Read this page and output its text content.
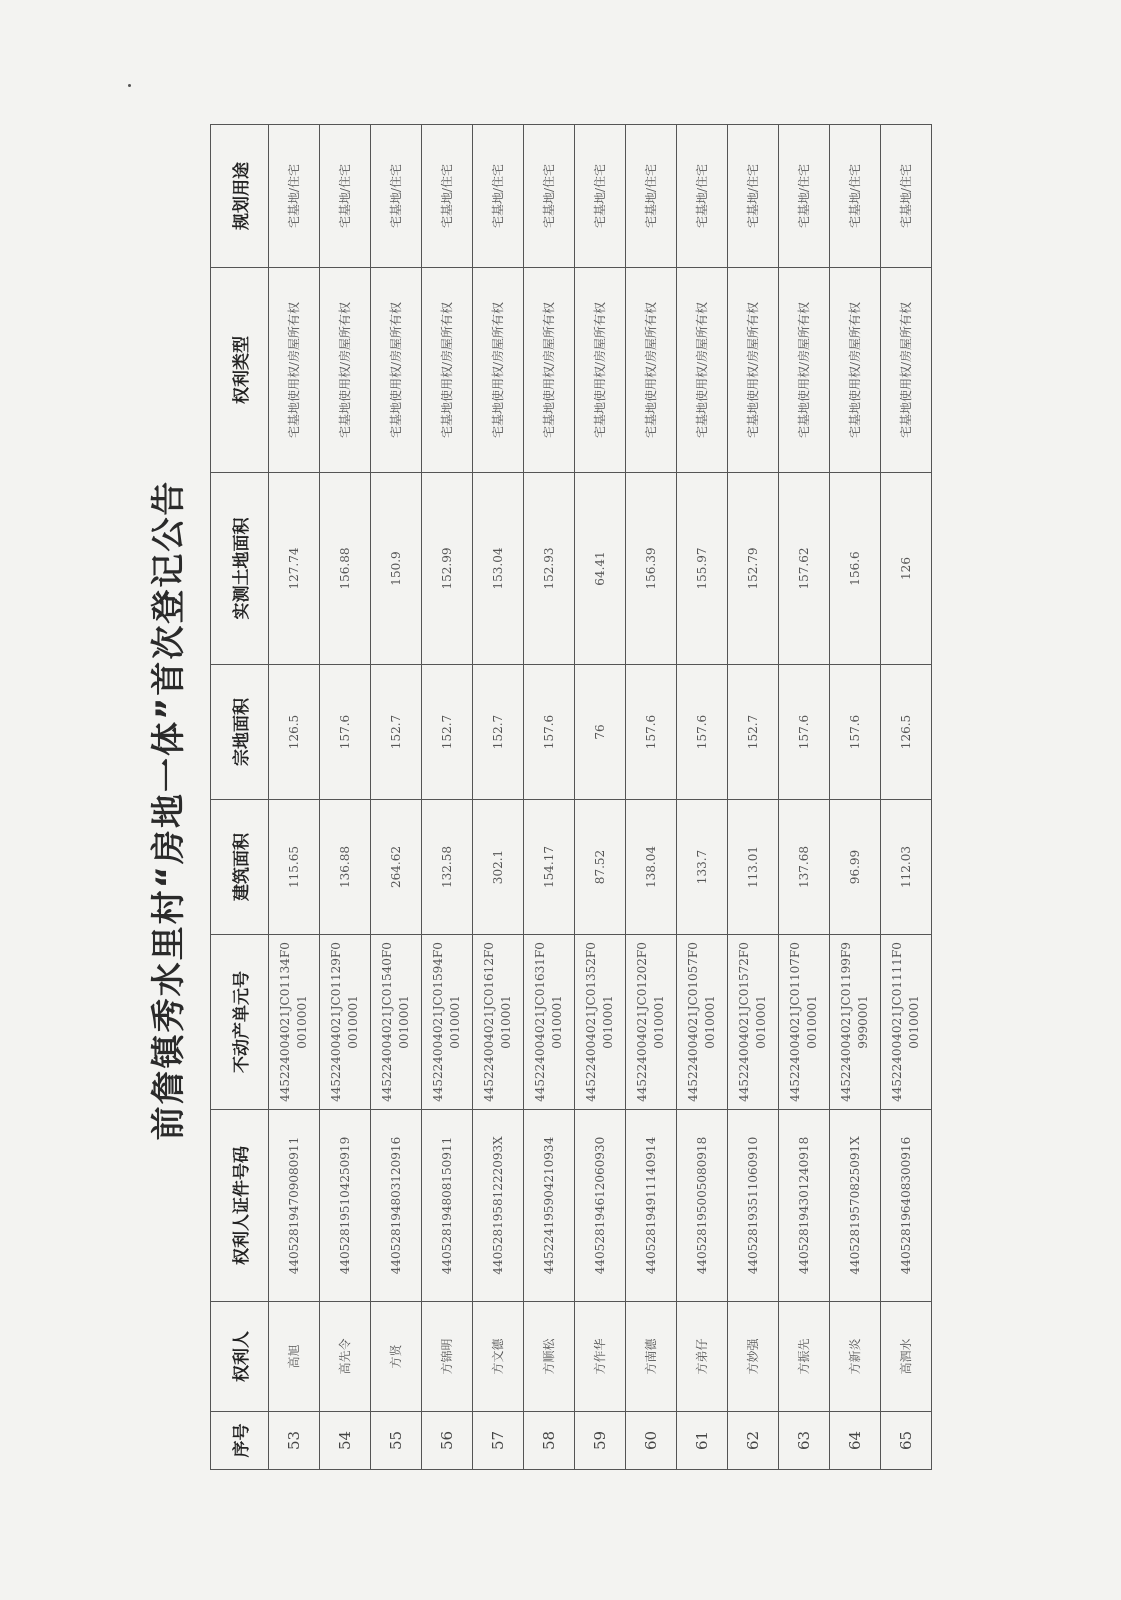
前詹镇秀水里村“房地一体”首次登记公告
序号	权利人	权利人证件号码	不动产单元号	建筑面积	宗地面积	实测土地面积	权利类型	规划用途
53	高旭	440528194709080911	445224004021JC01134F00010001	115.65	126.5	127.74	宅基地使用权/房屋所有权	宅基地/住宅
54	高先令	440528195104250919	445224004021JC01129F00010001	136.88	157.6	156.88	宅基地使用权/房屋所有权	宅基地/住宅
55	方贤	440528194803120916	445224004021JC01540F00010001	264.62	152.7	150.9	宅基地使用权/房屋所有权	宅基地/住宅
56	方锦明	440528194808150911	445224004021JC01594F00010001	132.58	152.7	152.99	宅基地使用权/房屋所有权	宅基地/住宅
57	方文德	44052819581222093X	445224004021JC01612F00010001	302.1	152.7	153.04	宅基地使用权/房屋所有权	宅基地/住宅
58	方顺松	445224195904210934	445224004021JC01631F00010001	154.17	157.6	152.93	宅基地使用权/房屋所有权	宅基地/住宅
59	方作华	440528194612060930	445224004021JC01352F00010001	87.52	76	64.41	宅基地使用权/房屋所有权	宅基地/住宅
60	方南德	440528194911140914	445224004021JC01202F00010001	138.04	157.6	156.39	宅基地使用权/房屋所有权	宅基地/住宅
61	方弟仔	440528195005080918	445224004021JC01057F00010001	133.7	157.6	155.97	宅基地使用权/房屋所有权	宅基地/住宅
62	方妙强	440528193511060910	445224004021JC01572F00010001	113.01	152.7	152.79	宅基地使用权/房屋所有权	宅基地/住宅
63	方振先	440528194301240918	445224004021JC01107F00010001	137.68	157.6	157.62	宅基地使用权/房屋所有权	宅基地/住宅
64	方新炎	44052819570825091X	445224004021JC01199F99990001	96.99	157.6	156.6	宅基地使用权/房屋所有权	宅基地/住宅
65	高泗水	440528196408300916	445224004021JC01111F00010001	112.03	126.5	126	宅基地使用权/房屋所有权	宅基地/住宅
